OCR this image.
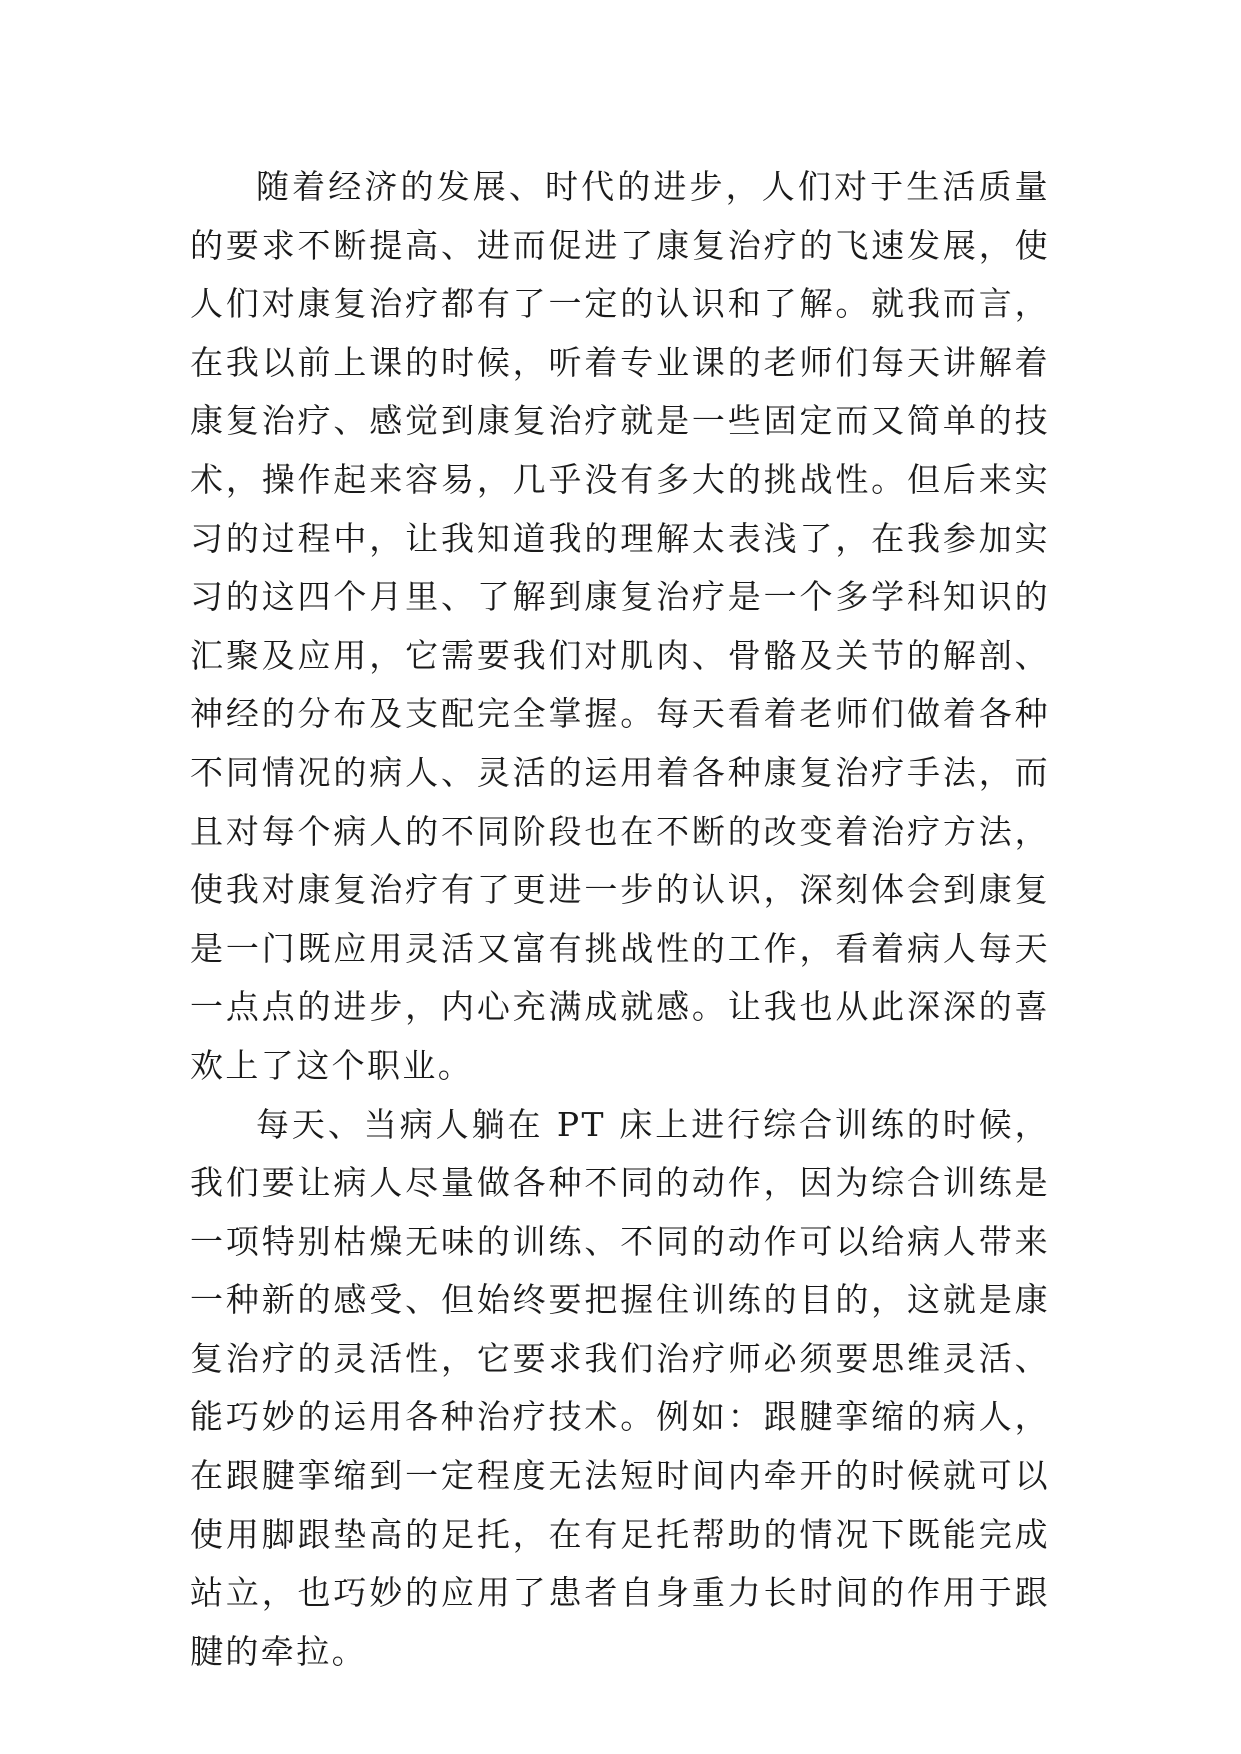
随着经济的发展、时代的进步，人们对于生活质量的要求不断提高、进而促进了康复治疗的飞速发展，使人们对康复治疗都有了一定的认识和了解。就我而言，在我以前上课的时候，听着专业课的老师们每天讲解着康复治疗、感觉到康复治疗就是一些固定而又简单的技术，操作起来容易，几乎没有多大的挑战性。但后来实习的过程中，让我知道我的理解太表浅了，在我参加实习的这四个月里、了解到康复治疗是一个多学科知识的汇聚及应用，它需要我们对肌肉、骨骼及关节的解剖、神经的分布及支配完全掌握。每天看着老师们做着各种不同情况的病人、灵活的运用着各种康复治疗手法，而且对每个病人的不同阶段也在不断的改变着治疗方法，使我对康复治疗有了更进一步的认识，深刻体会到康复是一门既应用灵活又富有挑战性的工作，看着病人每天一点点的进步，内心充满成就感。让我也从此深深的喜欢上了这个职业。

每天、当病人躺在 PT 床上进行综合训练的时候，我们要让病人尽量做各种不同的动作，因为综合训练是一项特别枯燥无味的训练、不同的动作可以给病人带来一种新的感受、但始终要把握住训练的目的，这就是康复治疗的灵活性，它要求我们治疗师必须要思维灵活、能巧妙的运用各种治疗技术。例如：跟腱挛缩的病人，在跟腱挛缩到一定程度无法短时间内牵开的时候就可以使用脚跟垫高的足托，在有足托帮助的情况下既能完成站立，也巧妙的应用了患者自身重力长时间的作用于跟腱的牵拉。
